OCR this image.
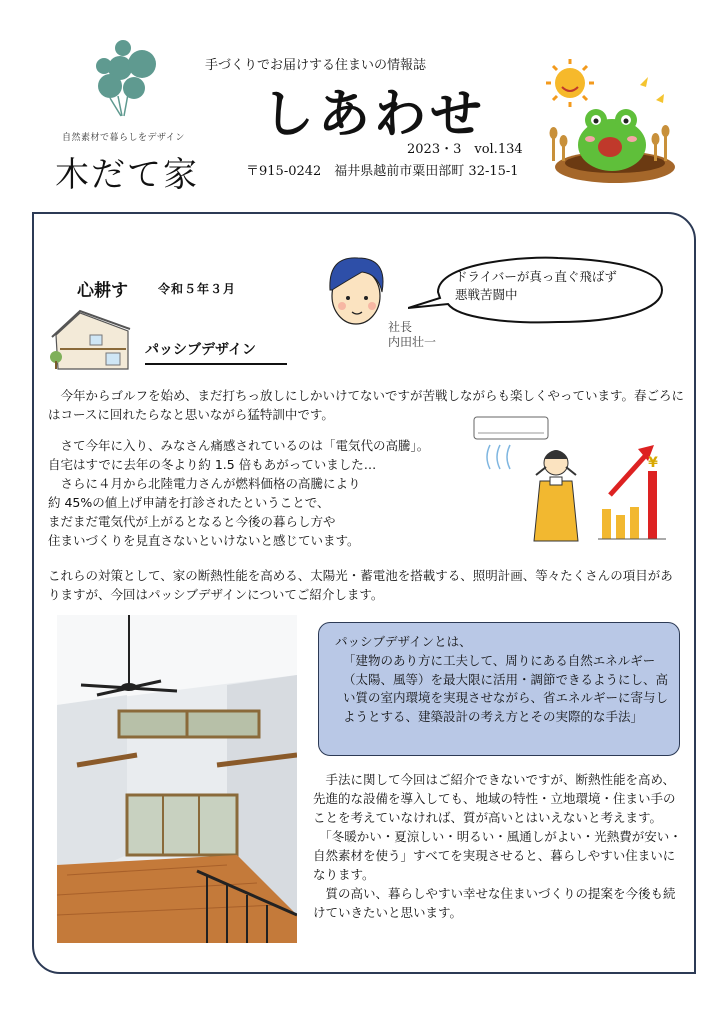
自然素材で暮らしをデザイン
木だて家
手づくりでお届けする住まいの情報誌
しあわせ
2023・3　vol.134
〒915-0242　福井県越前市粟田部町 32-15-1
心耕す	令和５年３月
ドライバーが真っ直ぐ飛ばず
悪戦苦闘中
社長
内田壮一
パッシブデザイン
今年からゴルフを始め、まだ打ちっ放しにしかいけてないですが苦戦しながらも楽しくやっています。春ごろにはコースに回れたらなと思いながら猛特訓中です。
　さて今年に入り、みなさん痛感されているのは「電気代の高騰」。
自宅はすでに去年の冬より約 1.5 倍もあがっていました…
　さらに４月から北陸電力さんが燃料価格の高騰により
約 45%の値上げ申請を打診されたということで、
まだまだ電気代が上がるとなると今後の暮らし方や
住まいづくりを見直さないといけないと感じています。
¥
これらの対策として、家の断熱性能を高める、太陽光・蓄電池を搭載する、照明計画、等々たくさんの項目がありますが、今回はパッシブデザインについてご紹介します。
パッシブデザインとは、
「建物のあり方に工夫して、周りにある自然エネルギー（太陽、風等）を最大限に活用・調節できるようにし、高い質の室内環境を実現させながら、省エネルギーに寄与しようとする、建築設計の考え方とその実際的な手法」
　手法に関して今回はご紹介できないですが、断熱性能を高め、先進的な設備を導入しても、地域の特性・立地環境・住まい手のことを考えていなければ、質が高いとはいえないと考えます。
　「冬暖かい・夏涼しい・明るい・風通しがよい・光熱費が安い・自然素材を使う」すべてを実現させると、暮らしやすい住まいになります。
　質の高い、暮らしやすい幸せな住まいづくりの提案を今後も続けていきたいと思います。
